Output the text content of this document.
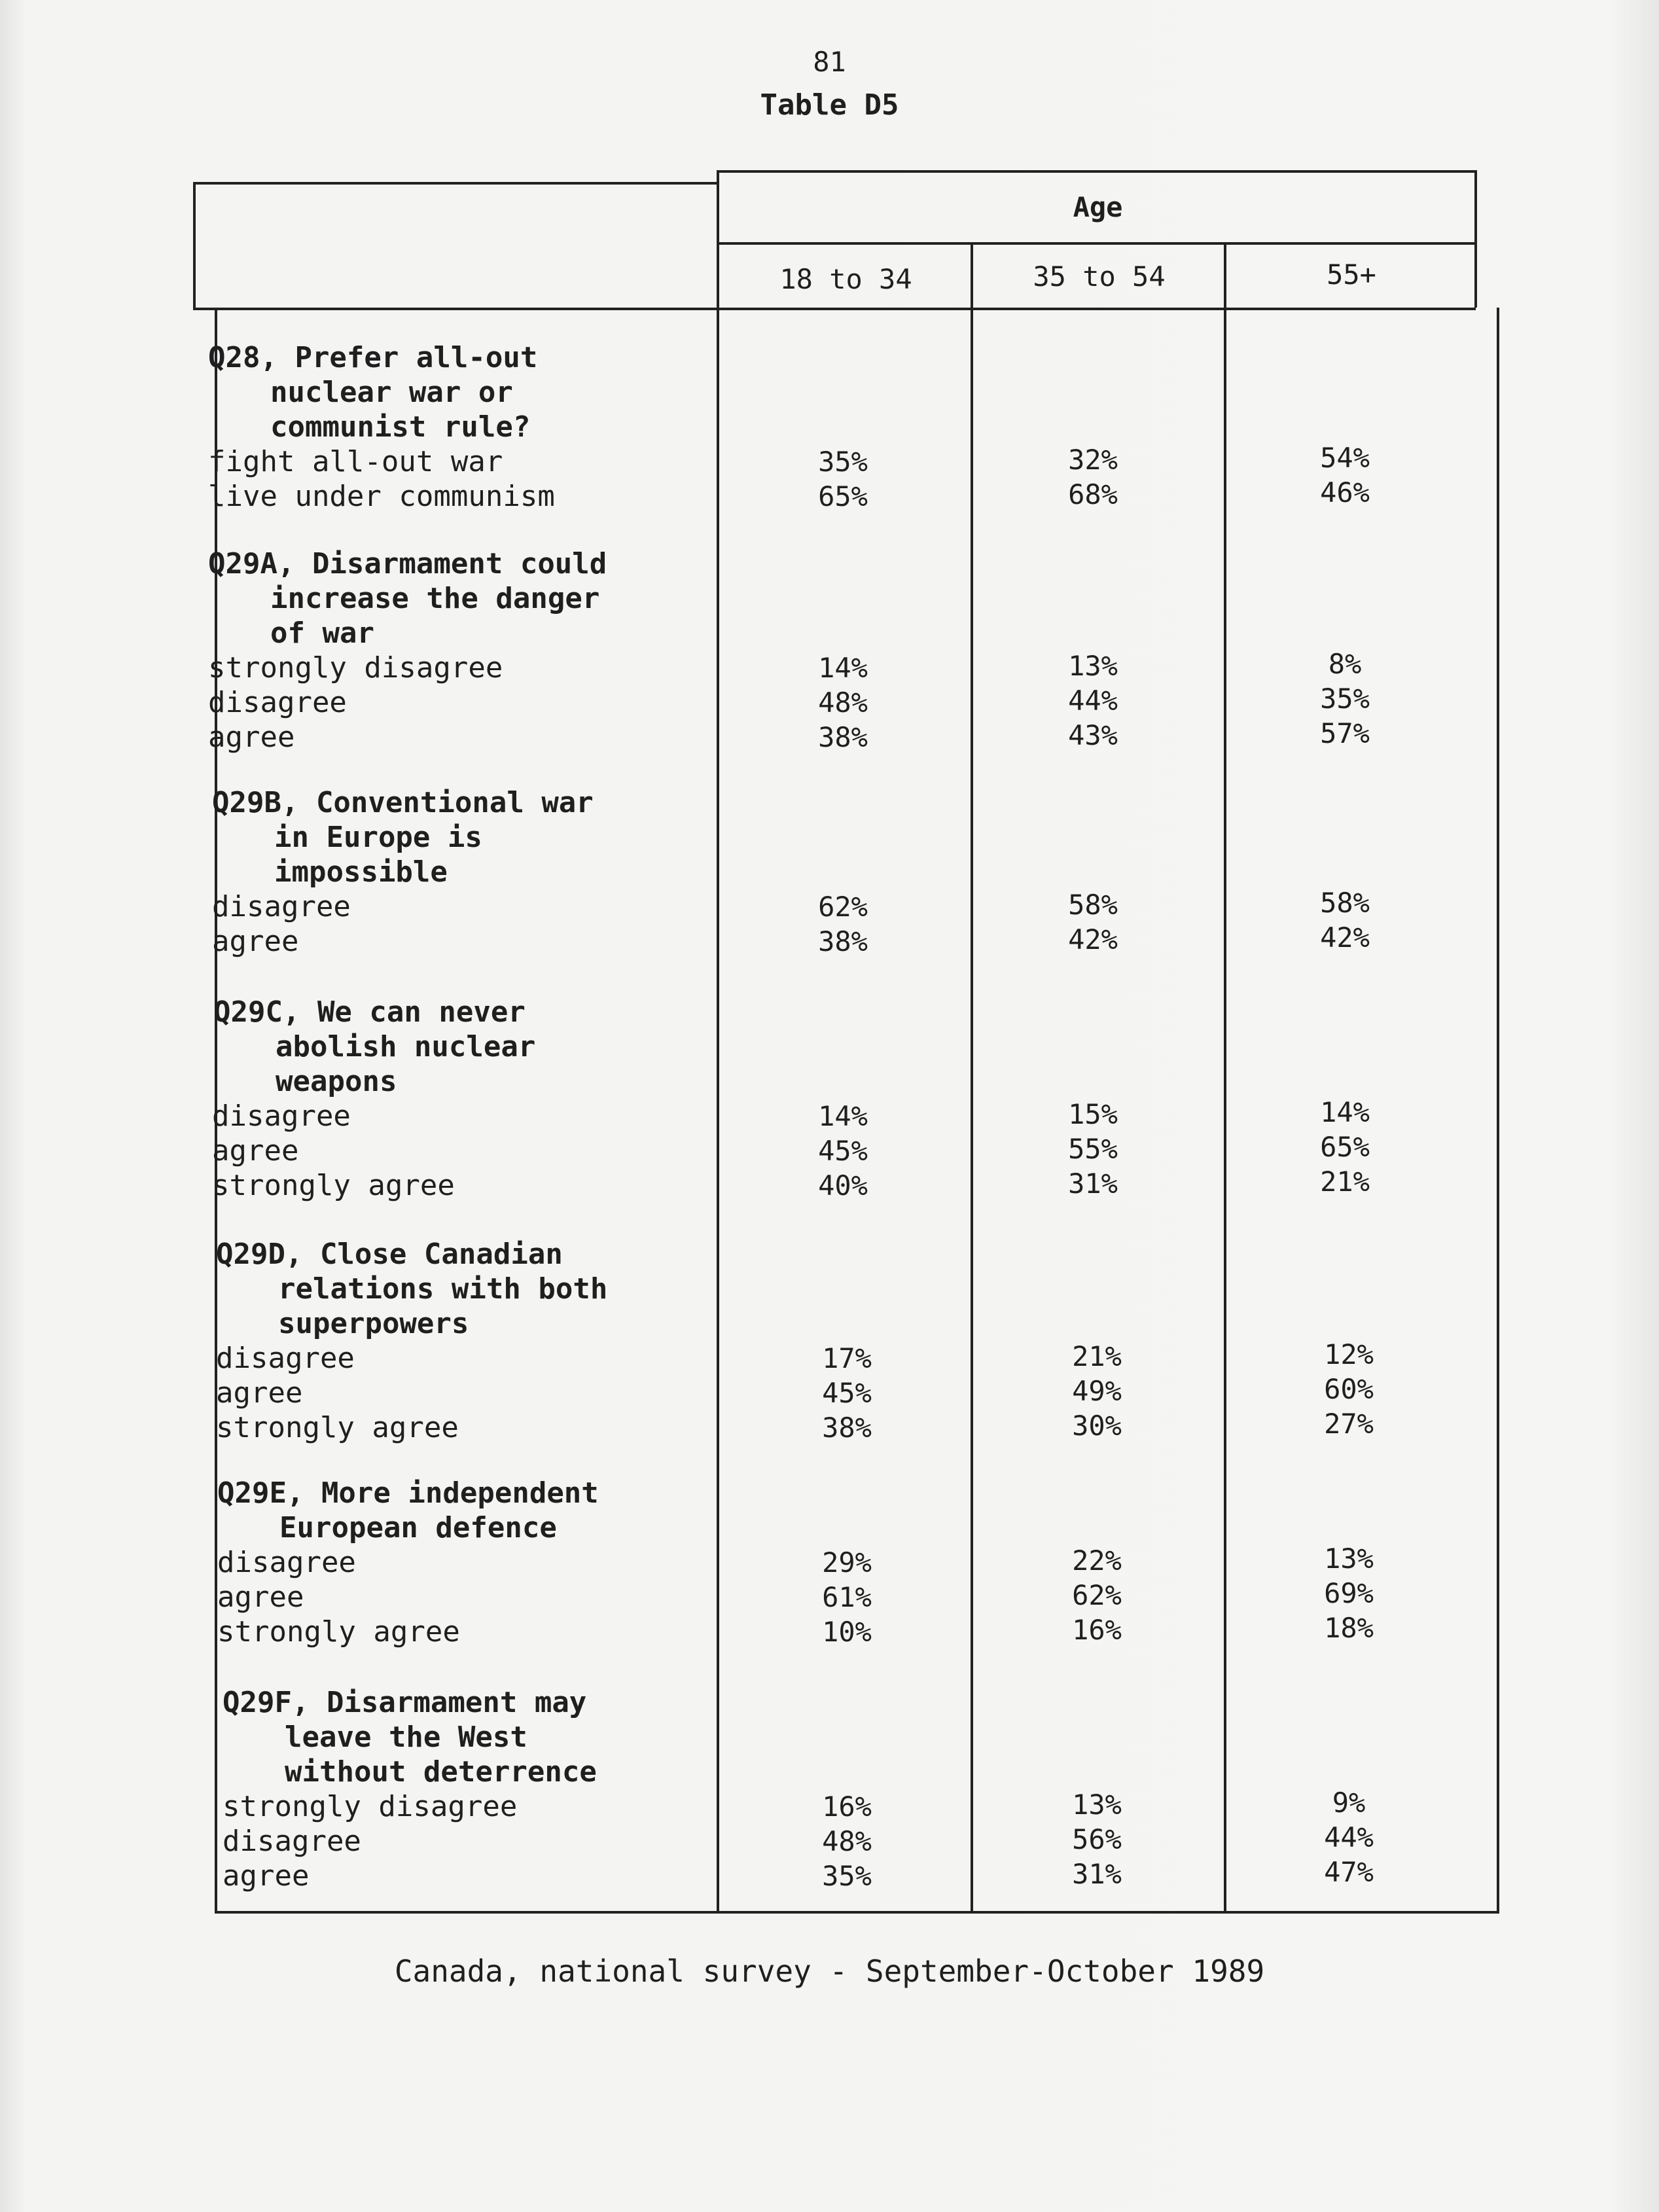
81
Table D5
Age
18 to 34	35 to 54	55+
Q28, Prefer all-out
nuclear war or
communist rule?
fight all-out war	35%	32%	54%
live under communism	65%	68%	46%
Q29A, Disarmament could
increase the danger
of war
strongly disagree	14%	13%	8%
disagree	48%	44%	35%
agree	38%	43%	57%
Q29B, Conventional war
in Europe is
impossible
disagree	62%	58%	58%
agree	38%	42%	42%
Q29C, We can never
abolish nuclear
weapons
disagree	14%	15%	14%
agree	45%	55%	65%
strongly agree	40%	31%	21%
Q29D, Close Canadian
relations with both
superpowers
disagree	17%	21%	12%
agree	45%	49%	60%
strongly agree	38%	30%	27%
Q29E, More independent
European defence
disagree	29%	22%	13%
agree	61%	62%	69%
strongly agree	10%	16%	18%
Q29F, Disarmament may
leave the West
without deterrence
strongly disagree	16%	13%	9%
disagree	48%	56%	44%
agree	35%	31%	47%
Canada, national survey - September-October 1989
